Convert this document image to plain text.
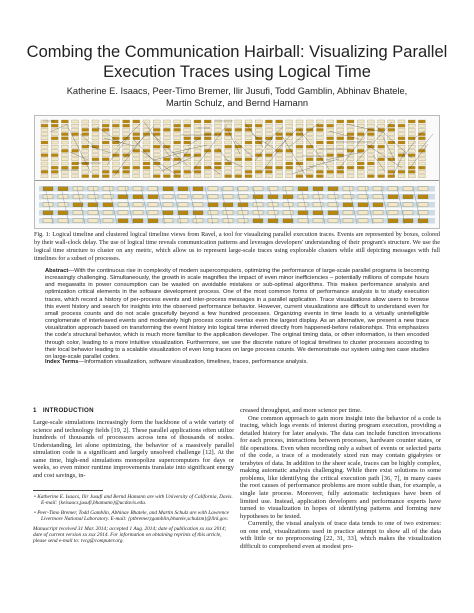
Combing the Communication Hairball: Visualizing Parallel
Execution Traces using Logical Time
Katherine E. Isaacs, Peer-Timo Bremer, Ilir Jusufi, Todd Gamblin, Abhinav Bhatele,
Martin Schulz, and Bernd Hamann
Fig. 1: Logical timeline and clustered logical timeline views from Ravel, a tool for visualizing parallel execution traces. Events are represented by boxes, colored by their wall-clock delay. The use of logical time reveals communication patterns and leverages developers' understanding of their program's structure. We use the logical time structure to cluster on any metric, which allow us to represent large-scale traces using explorable clusters while still depicting messages with full timelines for a subset of processes.
Abstract—With the continuous rise in complexity of modern supercomputers, optimizing the performance of large-scale parallel programs is becoming increasingly challenging. Simultaneously, the growth in scale magnifies the impact of even minor inefficiencies – potentially millions of compute hours and megawatts in power consumption can be wasted on avoidable mistakes or sub-optimal algorithms. This makes performance analysis and optimization critical elements in the software development process. One of the most common forms of performance analysis is to study execution traces, which record a history of per-process events and inter-process messages in a parallel application. Trace visualizations allow users to browse this event history and search for insights into the observed performance behavior. However, current visualizations are difficult to understand even for small process counts and do not scale gracefully beyond a few hundred processes. Organizing events in time leads to a virtually unintelligible conglomerate of interleaved events and moderately high process counts overtax even the largest display. As an alternative, we present a new trace visualization approach based on transforming the event history into logical time inferred directly from happened-before relationships. This emphasizes the code's structural behavior, which is much more familiar to the application developer. The original timing data, or other information, is then encoded through color, leading to a more intuitive visualization. Furthermore, we use the discrete nature of logical timelines to cluster processes according to their local behavior leading to a scalable visualization of even long traces on large process counts. We demonstrate our system using two case studies on large-scale parallel codes.
Index Terms—Information visualization, software visualization, timelines, traces, performance analysis.
1 INTRODUCTION
Large-scale simulations increasingly form the backbone of a wide variety of science and technology fields [19, 2]. These parallel applications often utilize hundreds of thousands of processors across tens of thousands of nodes. Understanding, let alone optimizing, the behavior of a massively parallel simulation code is a significant and largely unsolved challenge [12]. At the same time, high-end simulations monopolize supercomputers for days or weeks, so even minor runtime improvements translate into significant energy and cost savings, in-

• Katherine E. Isaacs, Ilir Jusufi and Bernd Hamann are with University of California, Davis. E-mail: {keisaacs,jusufi,bhamann}@ucdavis.edu.

• Peer-Timo Bremer, Todd Gamblin, Abhinav Bhatele, and Martin Schulz are with Lawrence Livermore National Laboratory. E-mail: {ptbremer,tgamblin,bhatele,schulzm}@llnl.gov.

Manuscript received 31 Mar. 2014; accepted 1 Aug. 2014; date of publication xx xxx 2014; date of current version xx xxx 2014. For information on obtaining reprints of this article, please send e-mail to: tvcg@computer.org.

creased throughput, and more science per time.
One common approach to gain more insight into the behavior of a code is tracing, which logs events of interest during program execution, providing a detailed history for later analysis. The data can include function invocations for each process, interactions between processes, hardware counter states, or file operations. Even when recording only a subset of events or selected parts of the code, a trace of a moderately sized run may contain gigabytes or terabytes of data. In addition to the sheer scale, traces can be highly complex, making automatic analysis challenging. While there exist solutions to some problems, like identifying the critical execution path [36, 7], in many cases the root causes of performance problems are more subtle than, for example, a single late process. Moreover, fully automatic techniques have been of limited use. Instead, application developers and performance experts have turned to visualization in hopes of identifying patterns and forming new hypotheses to be tested.
Currently, the visual analysis of trace data tends to one of two extremes: on one end, visualizations used in practice attempt to show all of the data with little or no preprocessing [22, 31, 33], which makes the visualization difficult to comprehend even at modest pro-
